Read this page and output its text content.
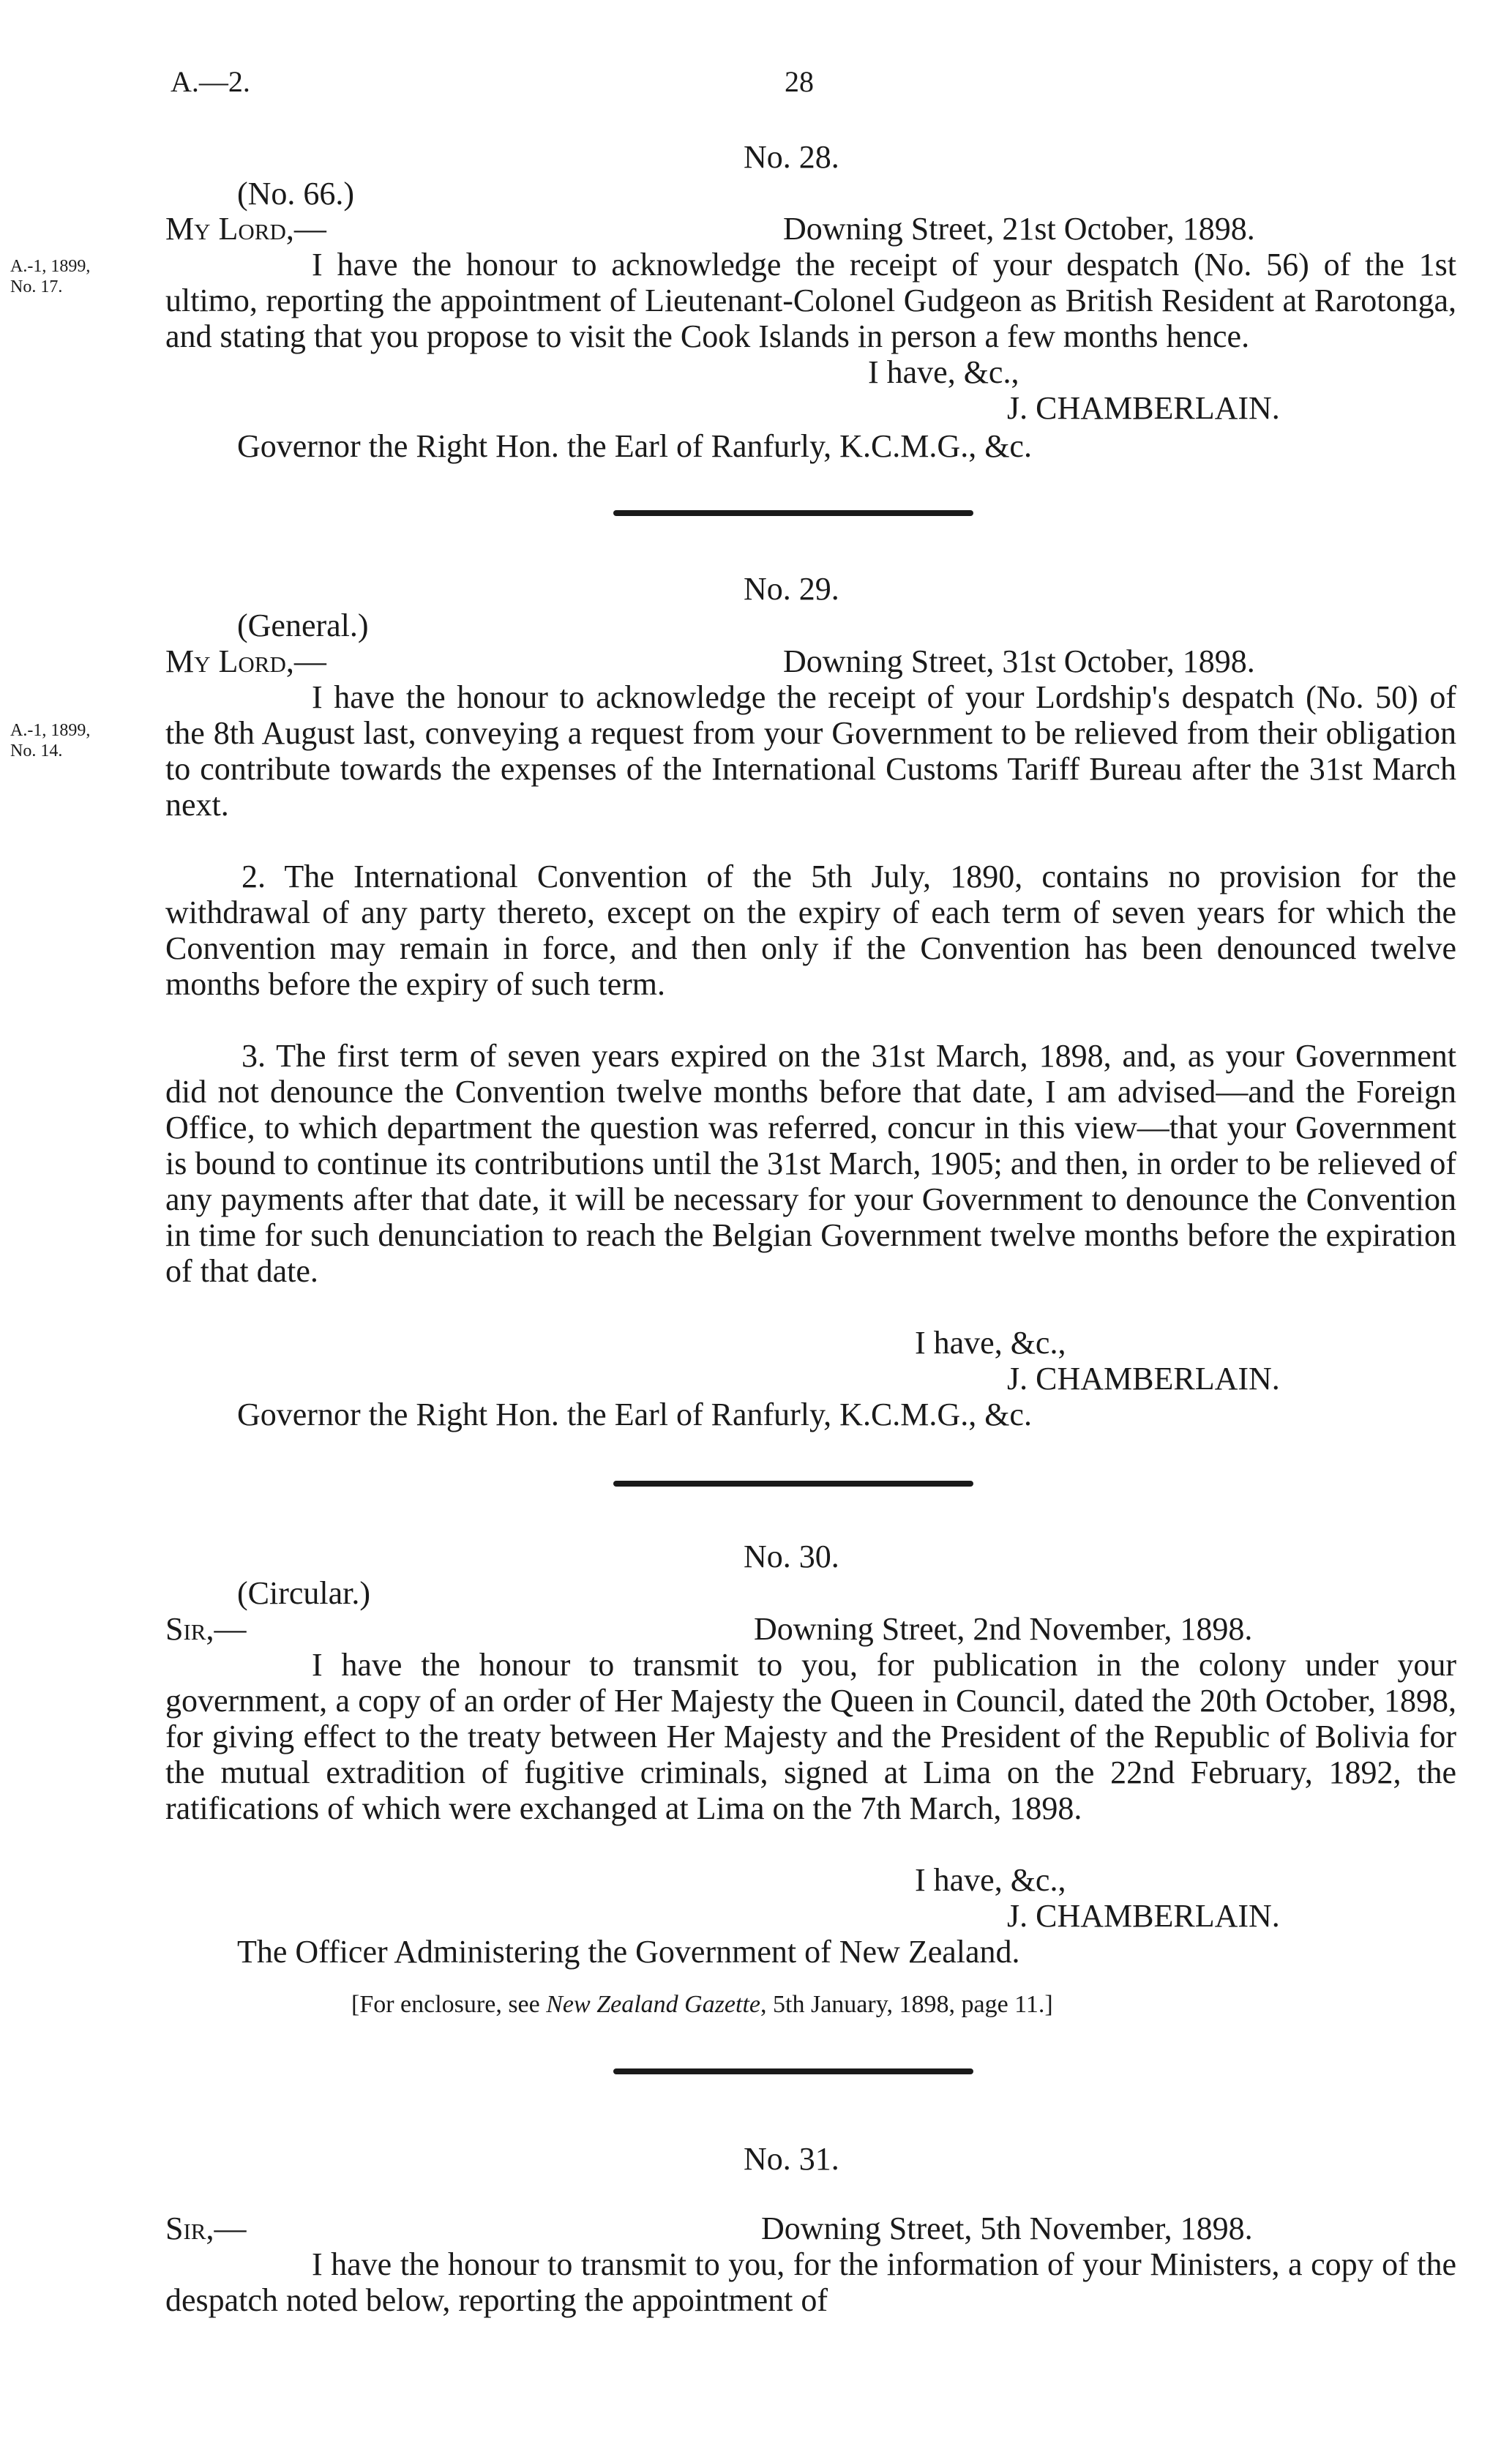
A.—2.	28
No. 28.
(No. 66.)
My Lord,—	Downing Street, 21st October, 1898.
A.-1, 1899,
No. 17.
I have the honour to acknowledge the receipt of your despatch (No. 56) of the 1st ultimo, reporting the appointment of Lieutenant-Colonel Gudgeon as British Resident at Rarotonga, and stating that you propose to visit the Cook Islands in person a few months hence.
I have, &c.,
J. CHAMBERLAIN.
Governor the Right Hon. the Earl of Ranfurly, K.C.M.G., &c.
No. 29.
(General.)
My Lord,—	Downing Street, 31st October, 1898.
A.-1, 1899,
No. 14.
I have the honour to acknowledge the receipt of your Lordship's despatch (No. 50) of the 8th August last, conveying a request from your Government to be relieved from their obligation to contribute towards the expenses of the International Customs Tariff Bureau after the 31st March next.
2. The International Convention of the 5th July, 1890, contains no provision for the withdrawal of any party thereto, except on the expiry of each term of seven years for which the Convention may remain in force, and then only if the Convention has been denounced twelve months before the expiry of such term.
3. The first term of seven years expired on the 31st March, 1898, and, as your Government did not denounce the Convention twelve months before that date, I am advised—and the Foreign Office, to which department the question was referred, concur in this view—that your Government is bound to continue its contributions until the 31st March, 1905; and then, in order to be relieved of any payments after that date, it will be necessary for your Government to denounce the Convention in time for such denunciation to reach the Belgian Government twelve months before the expiration of that date.
I have, &c.,
J. CHAMBERLAIN.
Governor the Right Hon. the Earl of Ranfurly, K.C.M.G., &c.
No. 30.
(Circular.)
Sir,—	Downing Street, 2nd November, 1898.
I have the honour to transmit to you, for publication in the colony under your government, a copy of an order of Her Majesty the Queen in Council, dated the 20th October, 1898, for giving effect to the treaty between Her Majesty and the President of the Republic of Bolivia for the mutual extradition of fugitive criminals, signed at Lima on the 22nd February, 1892, the ratifications of which were exchanged at Lima on the 7th March, 1898.
I have, &c.,
J. CHAMBERLAIN.
The Officer Administering the Government of New Zealand.
[For enclosure, see New Zealand Gazette, 5th January, 1898, page 11.]
No. 31.
Sir,—	Downing Street, 5th November, 1898.
I have the honour to transmit to you, for the information of your Ministers, a copy of the despatch noted below, reporting the appointment of
